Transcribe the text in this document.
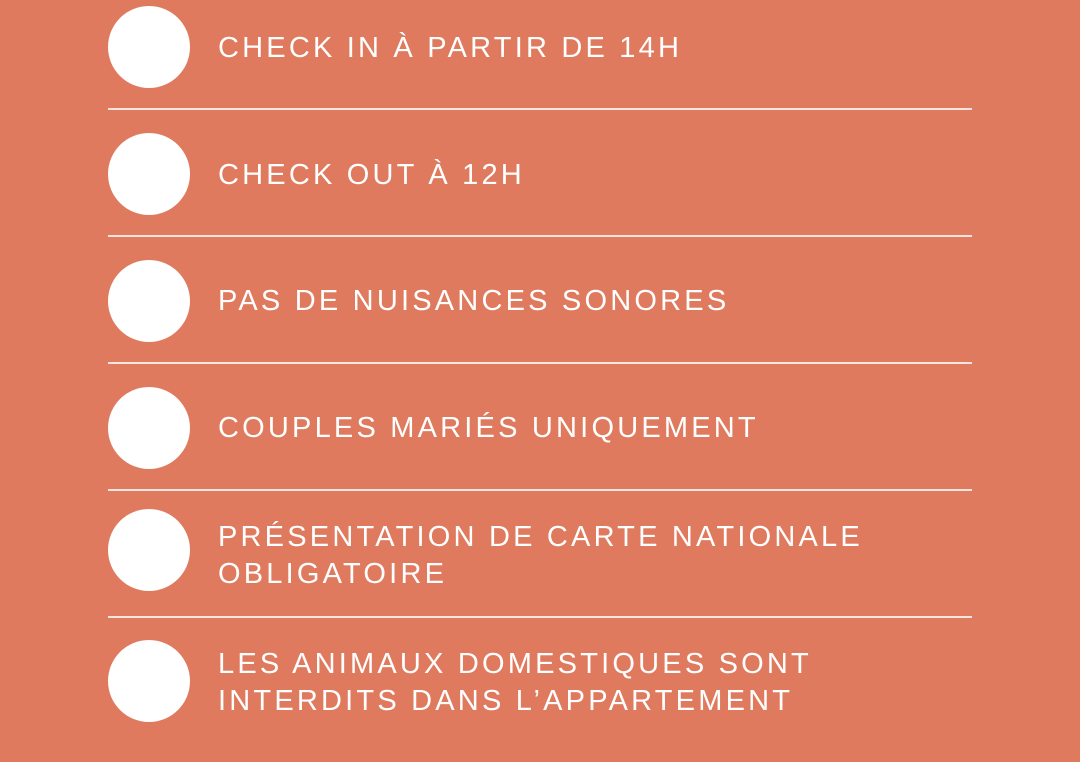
CHECK IN À PARTIR DE 14H
CHECK OUT À 12H
PAS DE NUISANCES SONORES
COUPLES MARIÉS UNIQUEMENT
PRÉSENTATION DE CARTE NATIONALE
OBLIGATOIRE
LES ANIMAUX DOMESTIQUES SONT
INTERDITS DANS L’APPARTEMENT
